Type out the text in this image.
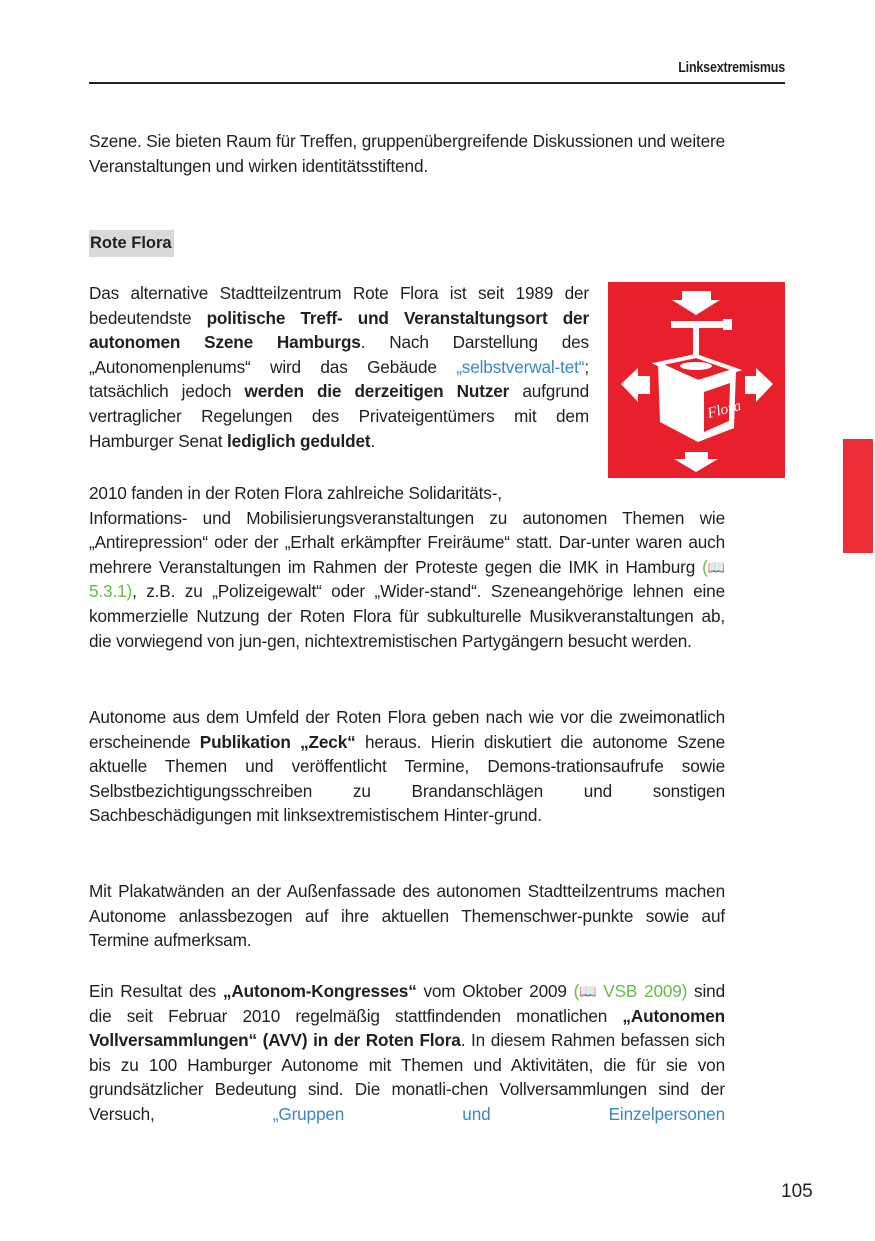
Linksextremismus

Szene. Sie bieten Raum für Treffen, gruppenübergreifende Diskussionen und weitere Veranstaltungen und wirken identitätsstiftend.

Rote Flora

Das alternative Stadtteilzentrum Rote Flora ist seit 1989 der bedeutendste politische Treff- und Veranstaltungsort der autonomen Szene Hamburgs. Nach Darstellung des „Autonomenplenums“ wird das Gebäude „selbstverwal-tet“; tatsächlich jedoch werden die derzeitigen Nutzer aufgrund vertraglicher Regelungen des Privateigentümers mit dem Hamburger Senat lediglich geduldet.

Flora

2010 fanden in der Roten Flora zahlreiche Solidaritäts-,

Informations- und Mobilisierungsveranstaltungen zu autonomen Themen wie „Antirepression“ oder der „Erhalt erkämpfter Freiräume“ statt. Dar-unter waren auch mehrere Veranstaltungen im Rahmen der Proteste gegen die IMK in Hamburg (📖 5.3.1), z.B. zu „Polizeigewalt“ oder „Wider-stand“. Szeneangehörige lehnen eine kommerzielle Nutzung der Roten Flora für subkulturelle Musikveranstaltungen ab, die vorwiegend von jun-gen, nichtextremistischen Partygängern besucht werden.

Autonome aus dem Umfeld der Roten Flora geben nach wie vor die zweimonatlich erscheinende Publikation „Zeck“ heraus. Hierin diskutiert die autonome Szene aktuelle Themen und veröffentlicht Termine, Demons-trationsaufrufe sowie Selbstbezichtigungsschreiben zu Brandanschlägen und sonstigen Sachbeschädigungen mit linksextremistischem Hinter-grund.

Mit Plakatwänden an der Außenfassade des autonomen Stadtteilzentrums machen Autonome anlassbezogen auf ihre aktuellen Themenschwer-punkte sowie auf Termine aufmerksam.

Ein Resultat des „Autonom-Kongresses“ vom Oktober 2009 (📖 VSB 2009) sind die seit Februar 2010 regelmäßig stattfindenden monatlichen „Autonomen Vollversammlungen“ (AVV) in der Roten Flora. In diesem Rahmen befassen sich bis zu 100 Hamburger Autonome mit Themen und Aktivitäten, die für sie von grundsätzlicher Bedeutung sind. Die monatli-chen Vollversammlungen sind der Versuch, „Gruppen und Einzelpersonen

105
